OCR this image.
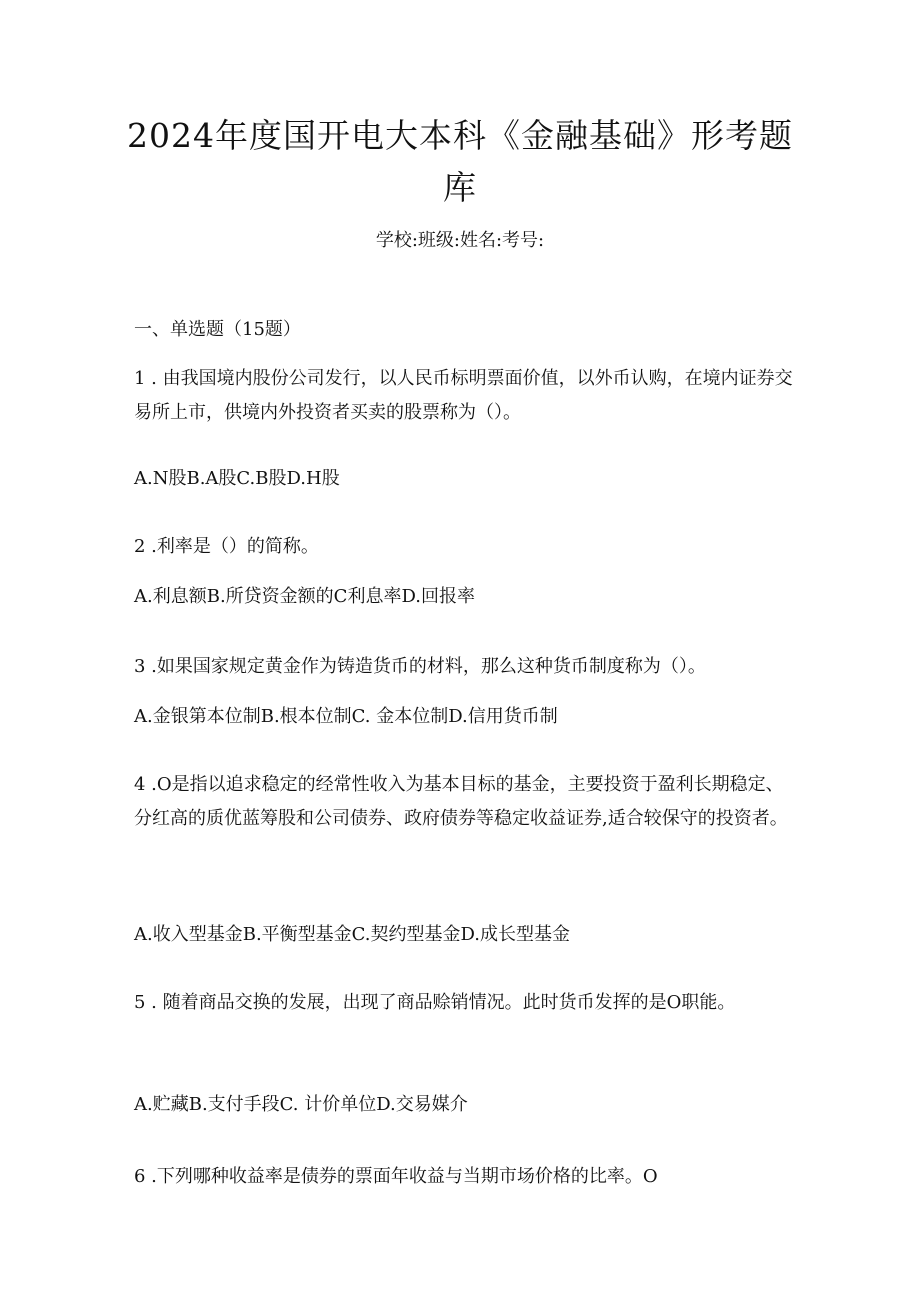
2024年度国开电大本科《金融基础》形考题库
学校:班级:姓名:考号:
一、单选题（15题）
1 . 由我国境内股份公司发行，以人民币标明票面价值，以外币认购，在境内证券交易所上市，供境内外投资者买卖的股票称为（）。
A.N股B.A股C.B股D.H股
2 .利率是（）的简称。
A.利息额B.所贷资金额的C利息率D.回报率
3 .如果国家规定黄金作为铸造货币的材料，那么这种货币制度称为（）。
A.金银第本位制B.根本位制C. 金本位制D.信用货币制
4 .O是指以追求稳定的经常性收入为基本目标的基金，主要投资于盈利长期稳定、分红高的质优蓝筹股和公司债券、政府债券等稳定收益证券,适合较保守的投资者。
A.收入型基金B.平衡型基金C.契约型基金D.成长型基金
5 . 随着商品交换的发展，出现了商品赊销情况。此时货币发挥的是O职能。
A.贮藏B.支付手段C. 计价单位D.交易媒介
6 .下列哪种收益率是债券的票面年收益与当期市场价格的比率。O
